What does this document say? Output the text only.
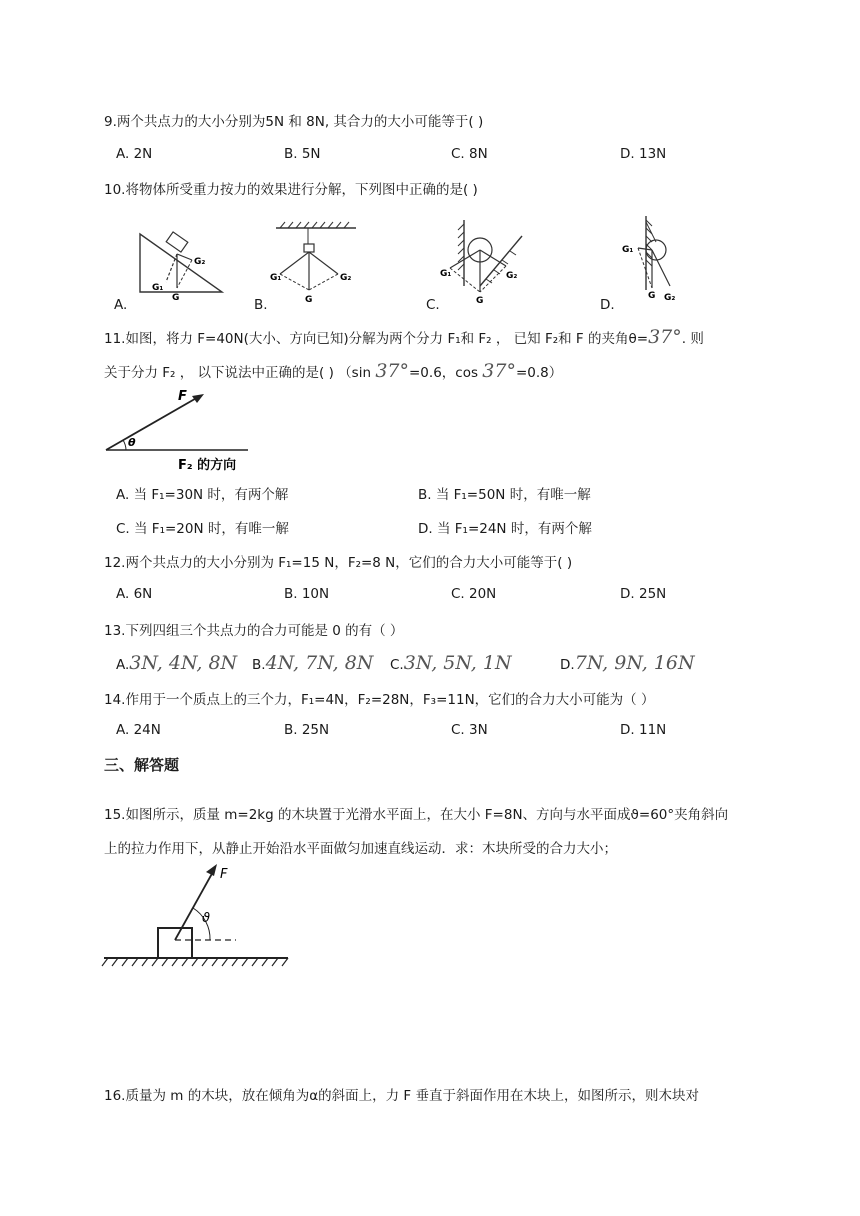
9.两个共点力的大小分别为5N 和 8N, 其合力的大小可能等于( )
A. 2N	B. 5N	C. 8N	D. 13N
10.将物体所受重力按力的效果进行分解，下列图中正确的是( )
A.	G
G₁
G₂
B.	G
G₁	G₂
C.	G
G₁	G₂
D.
G₁
G G₂
11.如图，将力 F=40N(大小、方向已知)分解为两个分力 F₁和 F₂ ， 已知 F₂和 F 的夹角θ=37°. 则
关于分力 F₂ ， 以下说法中正确的是( ) （sin 37°=0.6，cos 37°=0.8）
F
θ
F₂ 的方向
A. 当 F₁=30N 时，有两个解	B. 当 F₁=50N 时，有唯一解
C. 当 F₁=20N 时，有唯一解	D. 当 F₁=24N 时，有两个解
12.两个共点力的大小分别为 F₁=15 N，F₂=8 N，它们的合力大小可能等于( )
A. 6N	B. 10N	C. 20N	D. 25N
13.下列四组三个共点力的合力可能是 0 的有（ ）
A.3N, 4N, 8N B.4N, 7N, 8N C.3N, 5N, 1N	D.7N, 9N, 16N
14.作用于一个质点上的三个力，F₁=4N，F₂=28N，F₃=11N，它们的合力大小可能为（ ）
A. 24N	B. 25N	C. 3N	D. 11N
三、解答题
15.如图所示，质量 m=2kg 的木块置于光滑水平面上，在大小 F=8N、方向与水平面成ϑ=60°夹角斜向
上的拉力作用下，从静止开始沿水平面做匀加速直线运动．求：木块所受的合力大小；
F
ϑ
16.质量为 m 的木块，放在倾角为α的斜面上，力 F 垂直于斜面作用在木块上，如图所示，则木块对
